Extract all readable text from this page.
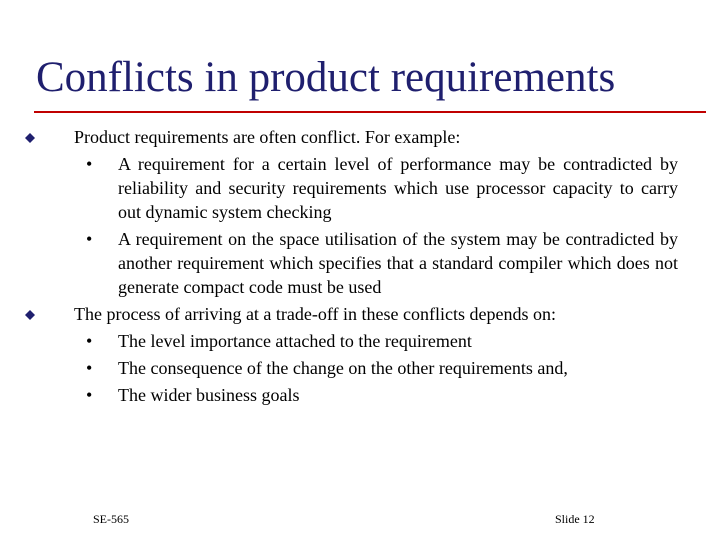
Conflicts in product requirements
Product requirements are often conflict. For example:
• A requirement for a certain level of performance may be contradicted by reliability and security requirements which use processor capacity to carry out dynamic system checking
• A requirement on the space utilisation of the system may be contradicted by another requirement which specifies that a standard compiler which does not generate compact code must be used
The process of arriving at a trade-off in these conflicts depends on:
• The level importance attached to the requirement
• The consequence of the change on the other requirements and,
• The wider business goals
SE-565	Slide 12
